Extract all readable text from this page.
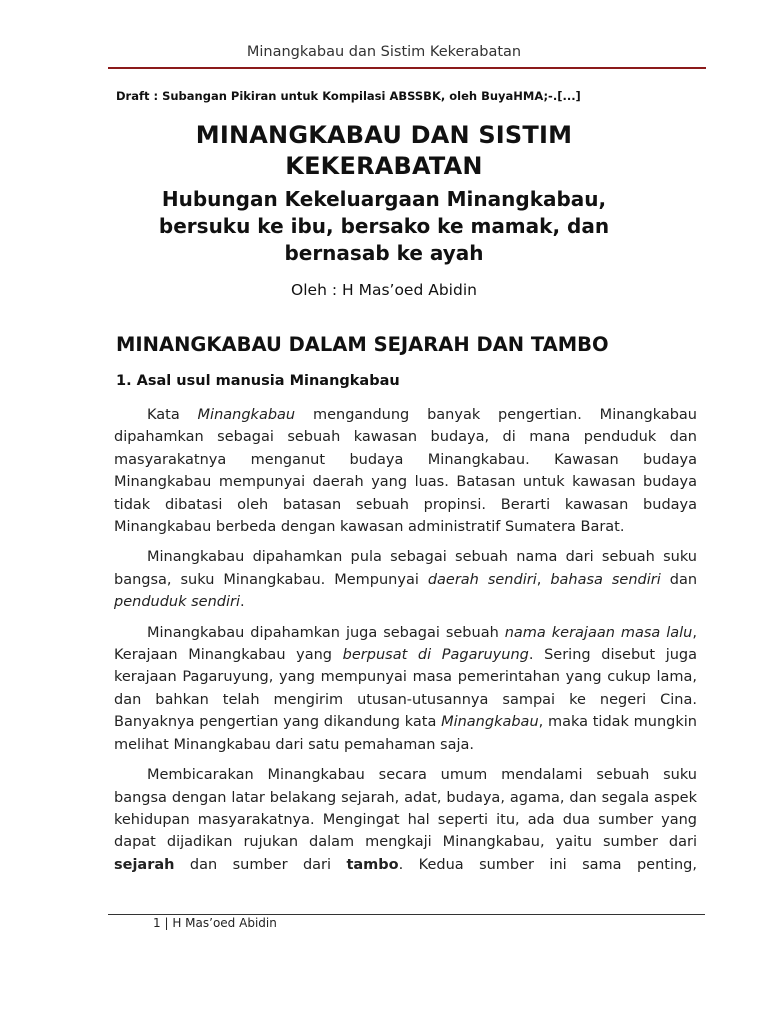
Minangkabau dan Sistim Kekerabatan
Draft : Subangan Pikiran untuk Kompilasi ABSSBK, oleh BuyaHMA;-.[...]
MINANGKABAU DAN SISTIM KEKERABATAN
Hubungan Kekeluargaan Minangkabau, bersuku ke ibu, bersako ke mamak, dan bernasab ke ayah
Oleh : H Mas’oed Abidin
MINANGKABAU DALAM SEJARAH DAN TAMBO
1. Asal usul manusia Minangkabau

Kata Minangkabau mengandung banyak pengertian. Minangkabau dipahamkan sebagai sebuah kawasan budaya, di mana penduduk dan masyarakatnya menganut budaya Minangkabau. Kawasan budaya Minangkabau mempunyai daerah yang luas. Batasan untuk kawasan budaya tidak dibatasi oleh batasan sebuah propinsi. Berarti kawasan budaya Minangkabau berbeda dengan kawasan administratif Sumatera Barat.

Minangkabau dipahamkan pula sebagai sebuah nama dari sebuah suku bangsa, suku Minangkabau. Mempunyai daerah sendiri, bahasa sendiri dan penduduk sendiri.

Minangkabau dipahamkan juga sebagai sebuah nama kerajaan masa lalu, Kerajaan Minangkabau yang berpusat di Pagaruyung. Sering disebut juga kerajaan Pagaruyung, yang mempunyai masa pemerintahan yang cukup lama, dan bahkan telah mengirim utusan-utusannya sampai ke negeri Cina. Banyaknya pengertian yang dikandung kata Minangkabau, maka tidak mungkin melihat Minangkabau dari satu pemahaman saja.

Membicarakan Minangkabau secara umum mendalami sebuah suku bangsa dengan latar belakang sejarah, adat, budaya, agama, dan segala aspek kehidupan masyarakatnya. Mengingat hal seperti itu, ada dua sumber yang dapat dijadikan rujukan dalam mengkaji Minangkabau, yaitu sumber dari sejarah dan sumber dari tambo. Kedua sumber ini sama penting,

1 | H Mas’oed Abidin
